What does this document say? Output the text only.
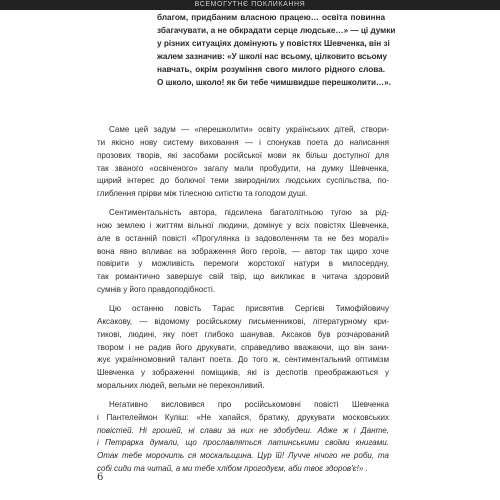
ВСЕМОГУТНЄ ПОКЛИКАННЯ
благом, придбаним власною працею… освіта повинна
збагачувати, а не обкрадати серце людське…» — ці думки
у різних ситуаціях домінують у повістях Шевченка, він зі
жалем зазначив: «У школі нас всьому, цілковито всьому
навчать, окрім розуміння свого милого рідного слова.
О школо, школо! як би тебе чимшвидше перешколити…».

Саме цей задум — «перешколити» освіту українських дітей, створи-
ти якісно нову систему виховання — і спонукав поета до написання
прозових творів, які засобами російської мови як більш доступної для
так званого «освіченого» загалу мали пробудити, на думку Шевченка,
щирий інтерес до болючої теми звироднілих людських суспільства, по-
глиблення прірви між тілесною ситістю та голодом душі.

Сентиментальність автора, підсилена багатолітньою тугою за рід-
ною землею і життям вільної людини, домінує у всіх повістях Шевченка,
але в останній повісті «Прогулянка із задоволенням та не без моралі»
вона явно впливає на зображення його героїв, — автор так щиро хоче
повірити у можливість перемоги жорстокої натури в милосердну,
так романтично завершує свій твір, що викликає в читача здоровий
сумнів у його правдоподібності.

Цю останню повість Тарас присвятив Сергієві Тимофійовичу
Аксакову, — відомому російському письменникові, літературному кри-
тикові, людині, яку поет глибоко шанував. Аксаков був розчарований
твором і не радив його друкувати, справедливо вважаючи, що він зани-
жує українномовний талант поета. До того ж, сентиментальний оптимізм
Шевченка у зображенні поміщиків, які із деспотів преображаються у
моральних людей, вельми не переконливий.

Негативно висловився про російськомовні повісті Шевченка
і Пантелеймон Куліш: «Не хапайся, братику, друкувати московських
повістей. Ні грошей, ні слави за них не здобудеш. Адже ж і Данте,
і Петрарка думали, що прославляться латинськими своїми книгами.
Отак тебе морочить ся москальщина. Цур їй! Лучче нічого не роби, та
собі сиди та читай, а ми тебе хлібом прогодуєм, аби твоє здоров'є!» .

6
